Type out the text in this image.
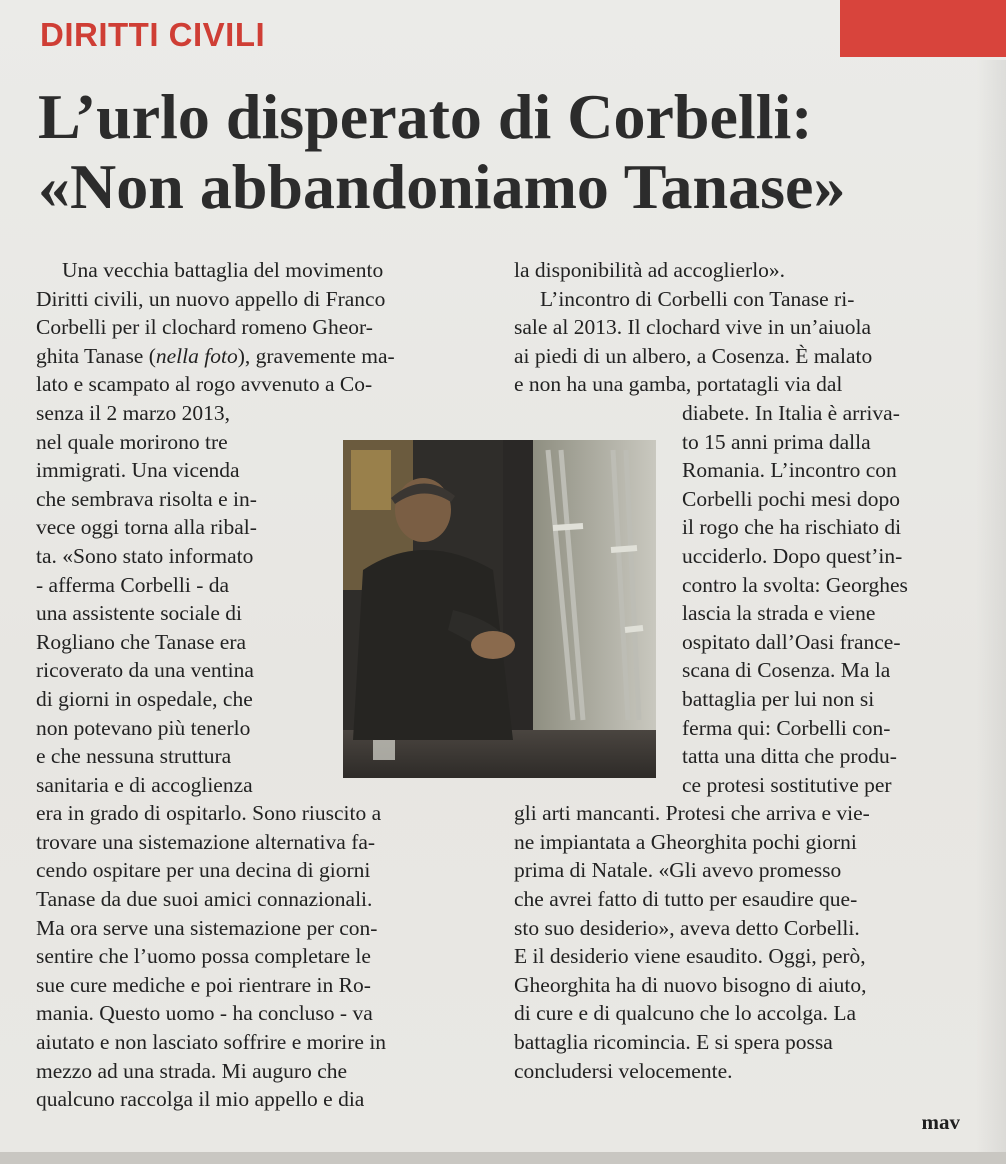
DIRITTI CIVILI
L’urlo disperato di Corbelli:
«Non abbandoniamo Tanase»
Una vecchia battaglia del movimento
Diritti civili, un nuovo appello di Franco
Corbelli per il clochard romeno Gheor-
ghita Tanase (nella foto), gravemente ma-
lato e scampato al rogo avvenuto a Co-
senza il 2 marzo 2013,
nel quale morirono tre
immigrati. Una vicenda
che sembrava risolta e in-
vece oggi torna alla ribal-
ta. «Sono stato informato
- afferma Corbelli - da
una assistente sociale di
Rogliano che Tanase era
ricoverato da una ventina
di giorni in ospedale, che
non potevano più tenerlo
e che nessuna struttura
sanitaria e di accoglienza
era in grado di ospitarlo. Sono riuscito a
trovare una sistemazione alternativa fa-
cendo ospitare per una decina di giorni
Tanase da due suoi amici connazionali.
Ma ora serve una sistemazione per con-
sentire che l’uomo possa completare le
sue cure mediche e poi rientrare in Ro-
mania. Questo uomo - ha concluso - va
aiutato e non lasciato soffrire e morire in
mezzo ad una strada. Mi auguro che
qualcuno raccolga il mio appello e dia
la disponibilità ad accoglierlo».
L’incontro di Corbelli con Tanase ri-
sale al 2013. Il clochard vive in un’aiuola
ai piedi di un albero, a Cosenza. È malato
e non ha una gamba, portatagli via dal
diabete. In Italia è arriva-
to 15 anni prima dalla
Romania. L’incontro con
Corbelli pochi mesi dopo
il rogo che ha rischiato di
ucciderlo. Dopo quest’in-
contro la svolta: Georghes
lascia la strada e viene
ospitato dall’Oasi france-
scana di Cosenza. Ma la
battaglia per lui non si
ferma qui: Corbelli con-
tatta una ditta che produ-
ce protesi sostitutive per
gli arti mancanti. Protesi che arriva e vie-
ne impiantata a Gheorghita pochi giorni
prima di Natale. «Gli avevo promesso
che avrei fatto di tutto per esaudire que-
sto suo desiderio», aveva detto Corbelli.
E il desiderio viene esaudito. Oggi, però,
Gheorghita ha di nuovo bisogno di aiuto,
di cure e di qualcuno che lo accolga. La
battaglia ricomincia. E si spera possa
concludersi velocemente.
mav
